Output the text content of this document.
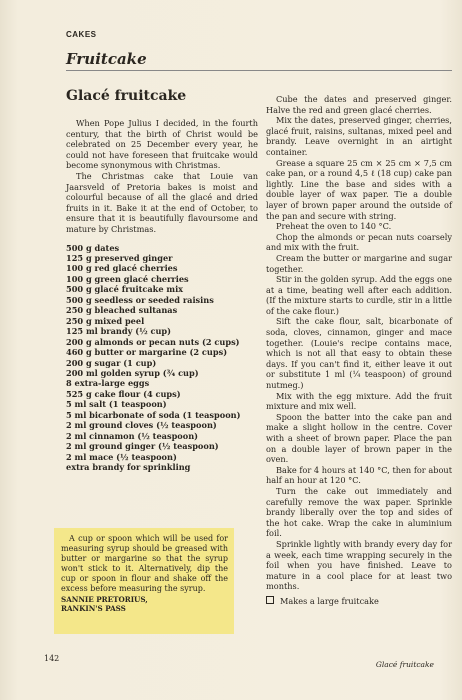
CAKES
Fruitcake
Glacé fruitcake

When Pope Julius I decided, in the fourth century, that the birth of Christ would be celebrated on 25 December every year, he could not have foreseen that fruitcake would become synonymous with Christmas.

The Christmas cake that Louie van Jaarsveld of Pretoria bakes is moist and colourful because of all the glacé and dried fruits in it. Bake it at the end of October, to ensure that it is beautifully flavoursome and mature by Christmas.

500 g dates
125 g preserved ginger
100 g red glacé cherries
100 g green glacé cherries
500 g glacé fruitcake mix
500 g seedless or seeded raisins
250 g bleached sultanas
250 g mixed peel
125 ml brandy (½ cup)
200 g almonds or pecan nuts (2 cups)
460 g butter or margarine (2 cups)
200 g sugar (1 cup)
200 ml golden syrup (¾ cup)
8 extra-large eggs
525 g cake flour (4 cups)
5 ml salt (1 teaspoon)
5 ml bicarbonate of soda (1 teaspoon)
2 ml ground cloves (½ teaspoon)
2 ml cinnamon (½ teaspoon)
2 ml ground ginger (½ teaspoon)
2 ml mace (½ teaspoon)
extra brandy for sprinkling

A cup or spoon which will be used for measuring syrup should be greased with butter or margarine so that the syrup won't stick to it. Alternatively, dip the cup or spoon in flour and shake off the excess before measuring the syrup.

SANNIE PRETORIUS,
RANKIN'S PASS

Cube the dates and preserved ginger. Halve the red and green glacé cherries.

Mix the dates, preserved ginger, cherries, glacé fruit, raisins, sultanas, mixed peel and brandy. Leave overnight in an airtight container.

Grease a square 25 cm × 25 cm × 7,5 cm cake pan, or a round 4,5 ℓ (18 cup) cake pan lightly. Line the base and sides with a double layer of wax paper. Tie a double layer of brown paper around the outside of the pan and secure with string.

Preheat the oven to 140 °C.

Chop the almonds or pecan nuts coarsely and mix with the fruit.

Cream the butter or margarine and sugar together.

Stir in the golden syrup. Add the eggs one at a time, beating well after each addition. (If the mixture starts to curdle, stir in a little of the cake flour.)

Sift the cake flour, salt, bicarbonate of soda, cloves, cinnamon, ginger and mace together. (Louie's recipe contains mace, which is not all that easy to obtain these days. If you can't find it, either leave it out or substitute 1 ml (¼ teaspoon) of ground nutmeg.)

Mix with the egg mixture. Add the fruit mixture and mix well.

Spoon the batter into the cake pan and make a slight hollow in the centre. Cover with a sheet of brown paper. Place the pan on a double layer of brown paper in the oven.

Bake for 4 hours at 140 °C, then for about half an hour at 120 °C.

Turn the cake out immediately and carefully remove the wax paper. Sprinkle brandy liberally over the top and sides of the hot cake. Wrap the cake in aluminium foil.

Sprinkle lightly with brandy every day for a week, each time wrapping securely in the foil when you have finished. Leave to mature in a cool place for at least two months.

Makes a large fruitcake
142
Glacé fruitcake
